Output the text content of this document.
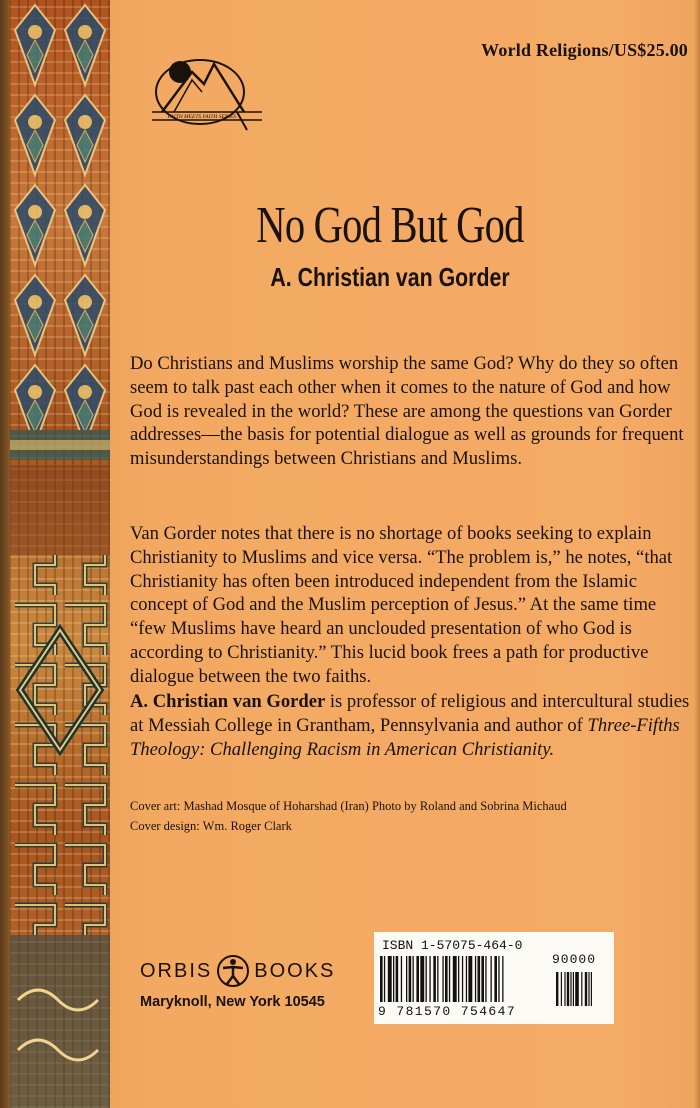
FAITH MEETS FAITH SERIES
World Religions/US$25.00
No God But God
A. Christian van Gorder

Do Christians and Muslims worship the same God? Why do they so often seem to talk past each other when it comes to the nature of God and how God is revealed in the world? These are among the questions van Gorder addresses—the basis for potential dialogue as well as grounds for frequent misunderstandings between Christians and Muslims.

Van Gorder notes that there is no shortage of books seeking to explain Christianity to Muslims and vice versa. “The problem is,” he notes, “that Christianity has often been introduced independent from the Islamic concept of God and the Muslim perception of Jesus.” At the same time “few Muslims have heard an unclouded presentation of who God is according to Christianity.” This lucid book frees a path for productive dialogue between the two faiths.

A. Christian van Gorder is professor of religious and intercultural studies at Messiah College in Grantham, Pennsylvania and author of Three-Fifths Theology: Challenging Racism in American Christianity.

Cover art: Mashad Mosque of Hoharshad (Iran) Photo by Roland and Sobrina Michaud
Cover design: Wm. Roger Clark
ORBIS BOOKS
Maryknoll, New York 10545
ISBN 1-57075-464-0
9 781570 754647
90000
